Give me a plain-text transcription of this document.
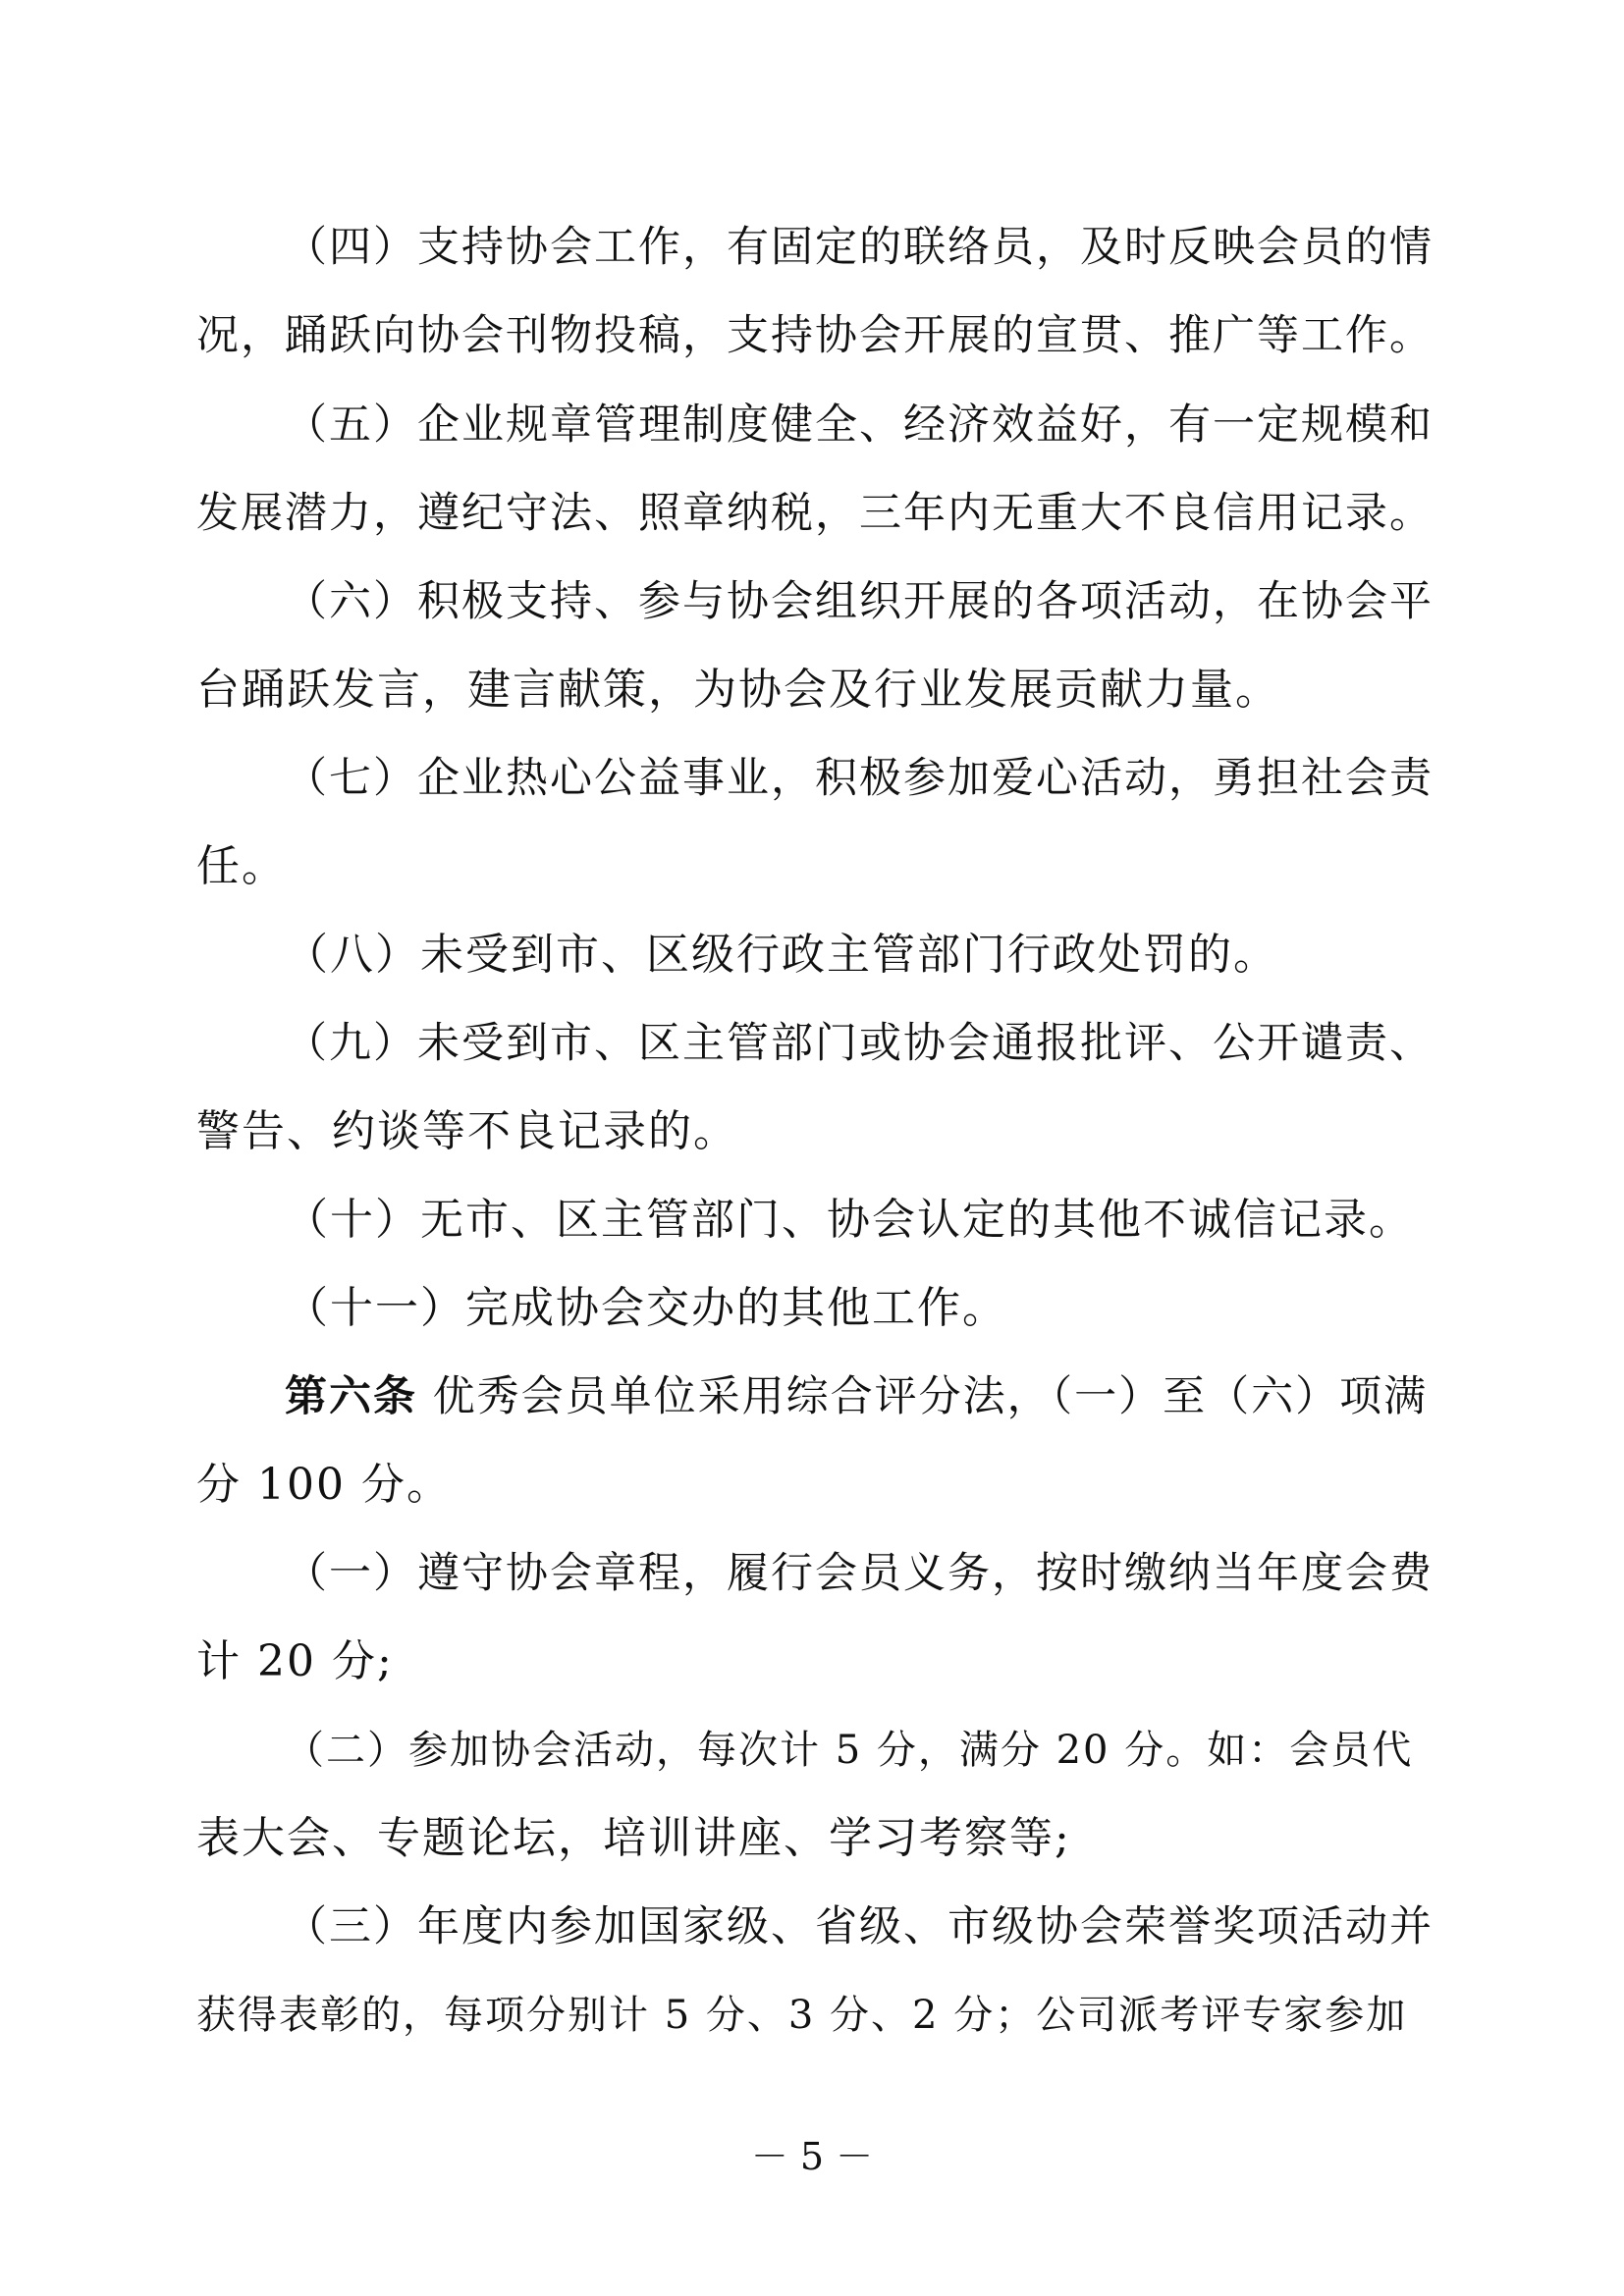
（四）支持协会工作，有固定的联络员，及时反映会员的情
况，踊跃向协会刊物投稿，支持协会开展的宣贯、推广等工作。
（五）企业规章管理制度健全、经济效益好，有一定规模和
发展潜力，遵纪守法、照章纳税，三年内无重大不良信用记录。
（六）积极支持、参与协会组织开展的各项活动，在协会平
台踊跃发言，建言献策，为协会及行业发展贡献力量。
（七）企业热心公益事业，积极参加爱心活动，勇担社会责
任。
（八）未受到市、区级行政主管部门行政处罚的。
（九）未受到市、区主管部门或协会通报批评、公开谴责、
警告、约谈等不良记录的。
（十）无市、区主管部门、协会认定的其他不诚信记录。
（十一）完成协会交办的其他工作。
第六条 优秀会员单位采用综合评分法，（一）至（六）项满
分 100 分。
（一）遵守协会章程，履行会员义务，按时缴纳当年度会费
计 20 分;
（二）参加协会活动，每次计 5 分，满分 20 分。如：会员代
表大会、专题论坛，培训讲座、学习考察等;
（三）年度内参加国家级、省级、市级协会荣誉奖项活动并
获得表彰的，每项分别计 5 分、3 分、2 分；公司派考评专家参加
－ 5 －
